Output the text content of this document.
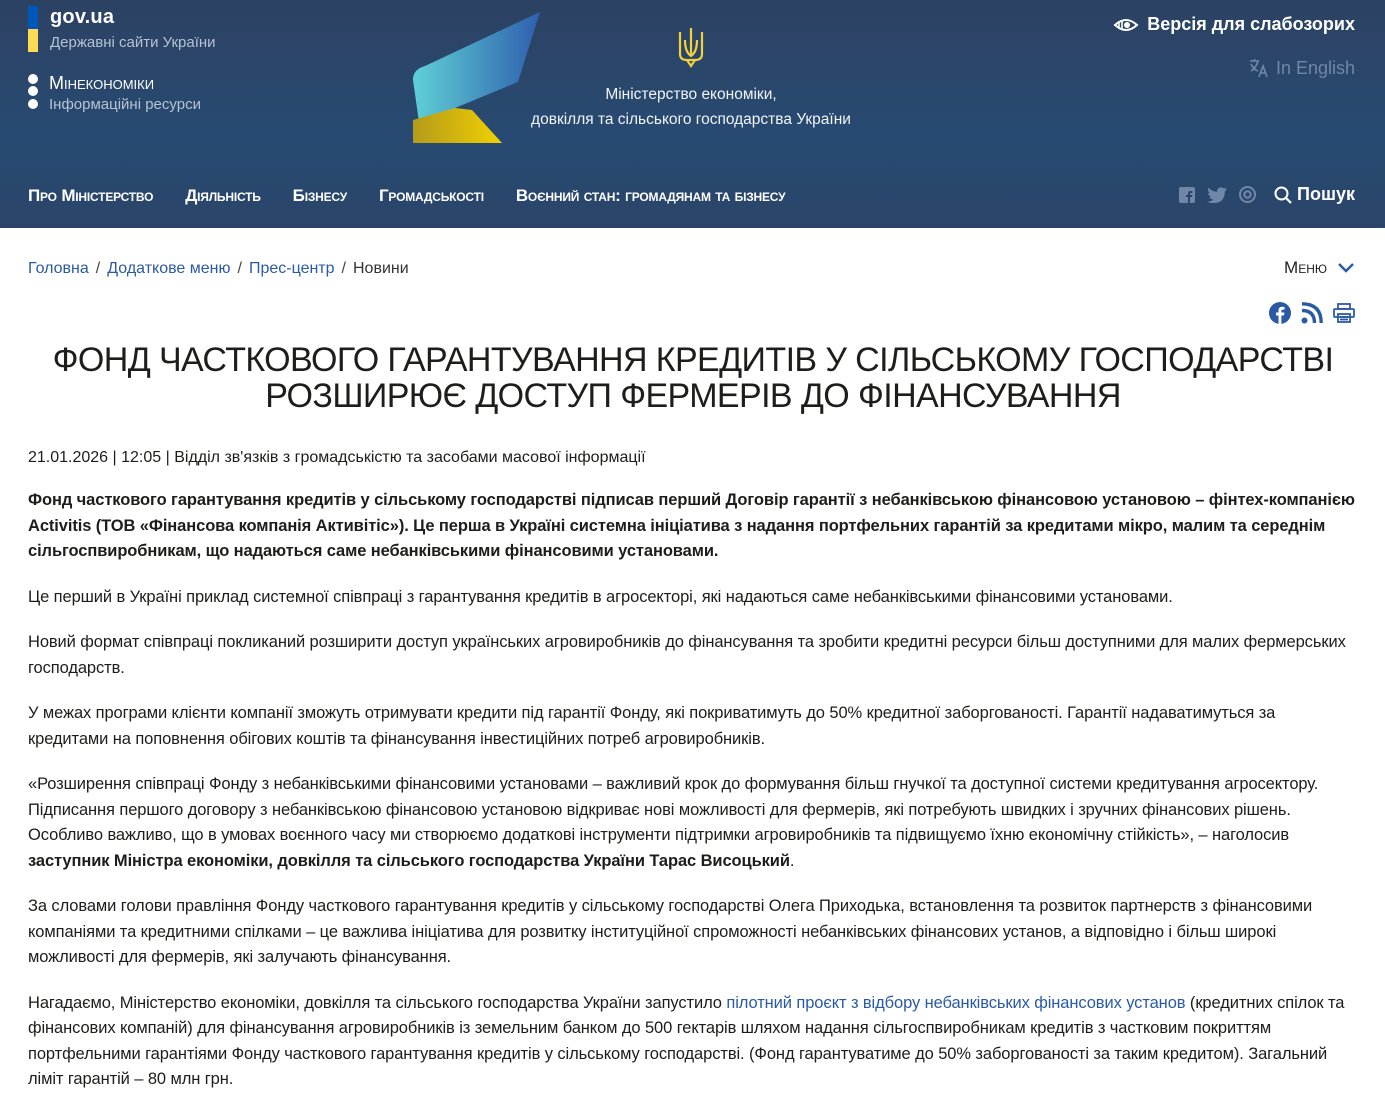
gov.ua
Державні сайти України
Мінекономіки
Інформаційні ресурси
Міністерство економіки,
довкілля та сільського господарства України
Версія для слабозорих
In English
Про Міністерство Діяльність Бізнесу Громадськості Воєнний стан: громадянам та бізнесу	Пошук
Головна / Додаткове меню / Прес-центр / Новини	Меню
ФОНД ЧАСТКОВОГО ГАРАНТУВАННЯ КРЕДИТІВ У СІЛЬСЬКОМУ ГОСПОДАРСТВІ
РОЗШИРЮЄ ДОСТУП ФЕРМЕРІВ ДО ФІНАНСУВАННЯ
21.01.2026 | 12:05 | Відділ зв'язків з громадськістю та засобами масової інформації

Фонд часткового гарантування кредитів у сільському господарстві підписав перший Договір гарантії з небанківською фінансовою установою – фінтех-компанією Activitis (ТОВ «Фінансова компанія Активітіс»). Це перша в Україні системна ініціатива з надання портфельних гарантій за кредитами мікро, малим та середнім сільгоспвиробникам, що надаються саме небанківськими фінансовими установами.

Це перший в Україні приклад системної співпраці з гарантування кредитів в агросекторі, які надаються саме небанківськими фінансовими установами.

Новий формат співпраці покликаний розширити доступ українських агровиробників до фінансування та зробити кредитні ресурси більш доступними для малих фермерських господарств.

У межах програми клієнти компанії зможуть отримувати кредити під гарантії Фонду, які покриватимуть до 50% кредитної заборгованості. Гарантії надаватимуться за кредитами на поповнення обігових коштів та фінансування інвестиційних потреб агровиробників.

«Розширення співпраці Фонду з небанківськими фінансовими установами – важливий крок до формування більш гнучкої та доступної системи кредитування агросектору. Підписання першого договору з небанківською фінансовою установою відкриває нові можливості для фермерів, які потребують швидких і зручних фінансових рішень. Особливо важливо, що в умовах воєнного часу ми створюємо додаткові інструменти підтримки агровиробників та підвищуємо їхню економічну стійкість», – наголосив заступник Міністра економіки, довкілля та сільського господарства України Тарас Висоцький.

За словами голови правління Фонду часткового гарантування кредитів у сільському господарстві Олега Приходька, встановлення та розвиток партнерств з фінансовими компаніями та кредитними спілками – це важлива ініціатива для розвитку інституційної спроможності небанківських фінансових установ, а відповідно і більш широкі можливості для фермерів, які залучають фінансування.

Нагадаємо, Міністерство економіки, довкілля та сільського господарства України запустило пілотний проєкт з відбору небанківських фінансових установ (кредитних спілок та фінансових компаній) для фінансування агровиробників із земельним банком до 500 гектарів шляхом надання сільгоспвиробникам кредитів з частковим покриттям портфельними гарантіями Фонду часткового гарантування кредитів у сільському господарстві. (Фонд гарантуватиме до 50% заборгованості за таким кредитом). Загальний ліміт гарантій – 80 млн грн.
